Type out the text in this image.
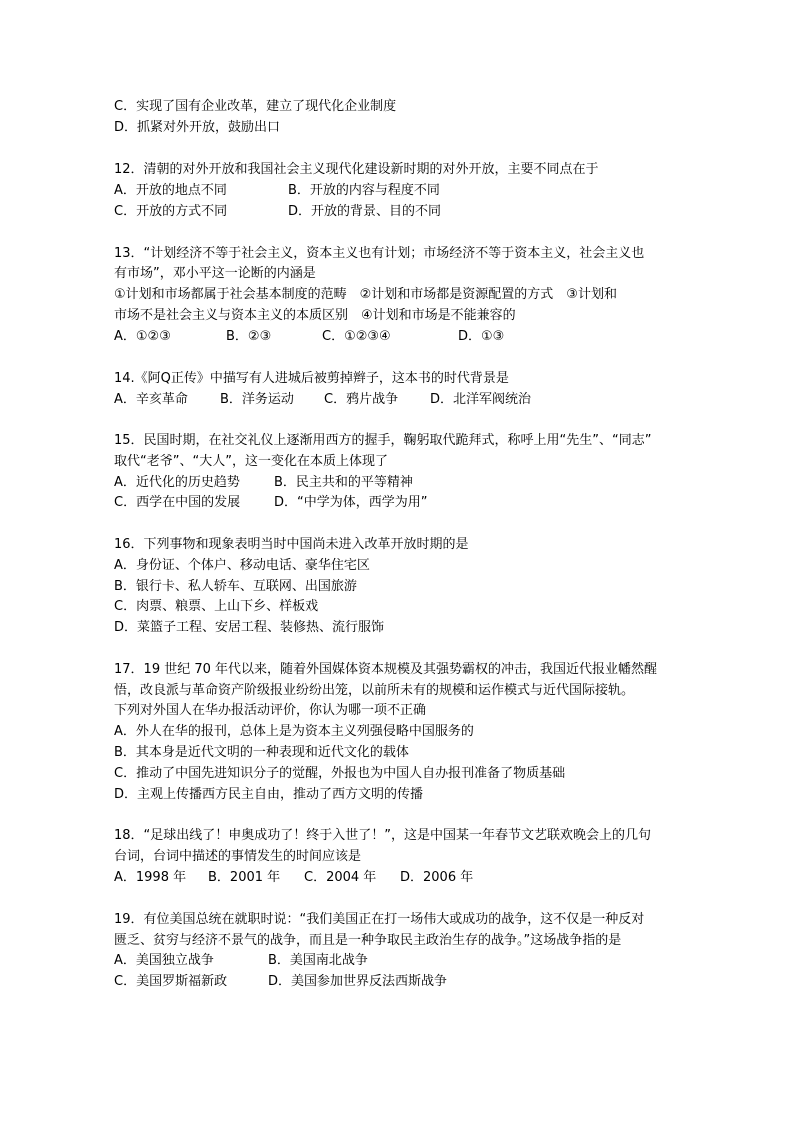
C．实现了国有企业改革，建立了现代化企业制度
D．抓紧对外开放，鼓励出口
12．清朝的对外开放和我国社会主义现代化建设新时期的对外开放，主要不同点在于
A．开放的地点不同	B．开放的内容与程度不同
C．开放的方式不同	D．开放的背景、目的不同
13．“计划经济不等于社会主义，资本主义也有计划；市场经济不等于资本主义，社会主义也
有市场”，邓小平这一论断的内涵是
①计划和市场都属于社会基本制度的范畴　②计划和市场都是资源配置的方式　③计划和
市场不是社会主义与资本主义的本质区别　④计划和市场是不能兼容的
A．①②③	B．②③	C．①②③④	D．①③
14.《阿Q正传》中描写有人进城后被剪掉辫子，这本书的时代背景是
A．辛亥革命 B．洋务运动 C．鸦片战争 D．北洋军阀统治
15．民国时期，在社交礼仪上逐渐用西方的握手，鞠躬取代跪拜式，称呼上用“先生”、“同志”
取代“老爷”、“大人”，这一变化在本质上体现了
A．近代化的历史趋势	B．民主共和的平等精神
C．西学在中国的发展	D．“中学为体，西学为用”
16．下列事物和现象表明当时中国尚未进入改革开放时期的是
A．身份证、个体户、移动电话、豪华住宅区
B．银行卡、私人轿车、互联网、出国旅游
C．肉票、粮票、上山下乡、样板戏
D．菜篮子工程、安居工程、装修热、流行服饰
17．19 世纪 70 年代以来，随着外国媒体资本规模及其强势霸权的冲击，我国近代报业幡然醒
悟，改良派与革命资产阶级报业纷纷出笼，以前所未有的规模和运作模式与近代国际接轨。
下列对外国人在华办报活动评价，你认为哪一项不正确
A．外人在华的报刊，总体上是为资本主义列强侵略中国服务的
B．其本身是近代文明的一种表现和近代文化的载体
C．推动了中国先进知识分子的觉醒，外报也为中国人自办报刊准备了物质基础
D．主观上传播西方民主自由，推动了西方文明的传播
18．“足球出线了！申奥成功了！终于入世了！”，这是中国某一年春节文艺联欢晚会上的几句
台词，台词中描述的事情发生的时间应该是
A．1998 年 B．2001 年 C．2004 年 D．2006 年
19．有位美国总统在就职时说：“我们美国正在打一场伟大或成功的战争，这不仅是一种反对
匮乏、贫穷与经济不景气的战争，而且是一种争取民主政治生存的战争。”这场战争指的是
A．美国独立战争	B．美国南北战争
C．美国罗斯福新政	D．美国参加世界反法西斯战争
